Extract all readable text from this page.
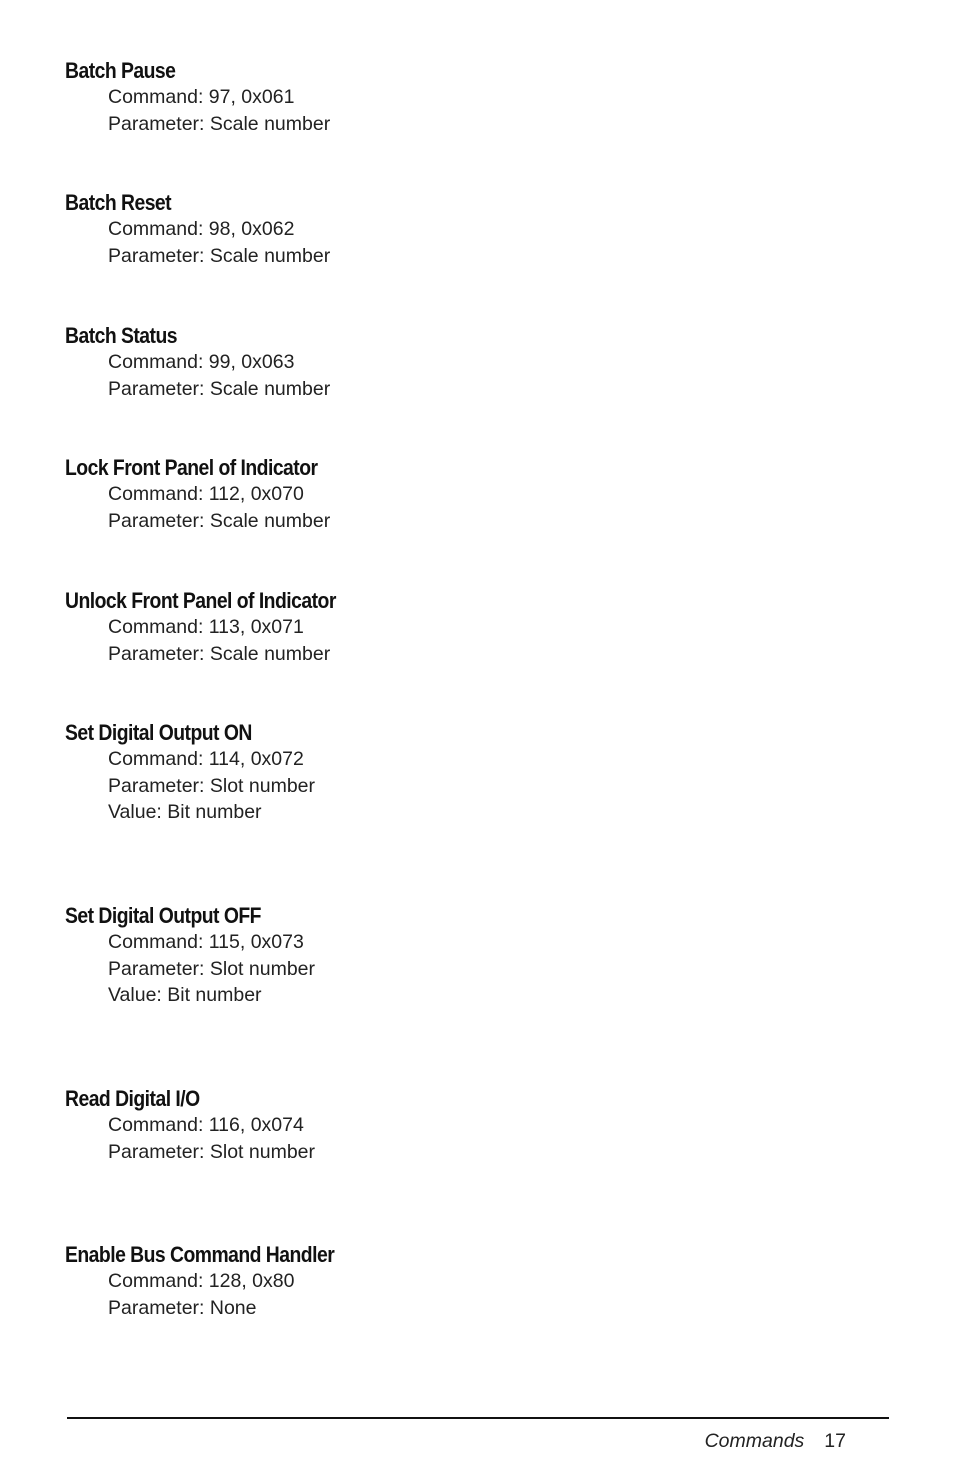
Batch Pause
Command: 97, 0x061
Parameter: Scale number
Batch Reset
Command: 98, 0x062
Parameter: Scale number
Batch Status
Command: 99, 0x063
Parameter: Scale number
Lock Front Panel of Indicator
Command: 112, 0x070
Parameter: Scale number
Unlock Front Panel of Indicator
Command: 113, 0x071
Parameter: Scale number
Set Digital Output ON
Command: 114, 0x072
Parameter: Slot number
Value: Bit number
Set Digital Output OFF
Command: 115, 0x073
Parameter: Slot number
Value: Bit number
Read Digital I/O
Command: 116, 0x074
Parameter: Slot number
Enable Bus Command Handler
Command: 128, 0x80
Parameter: None
Commands 17
